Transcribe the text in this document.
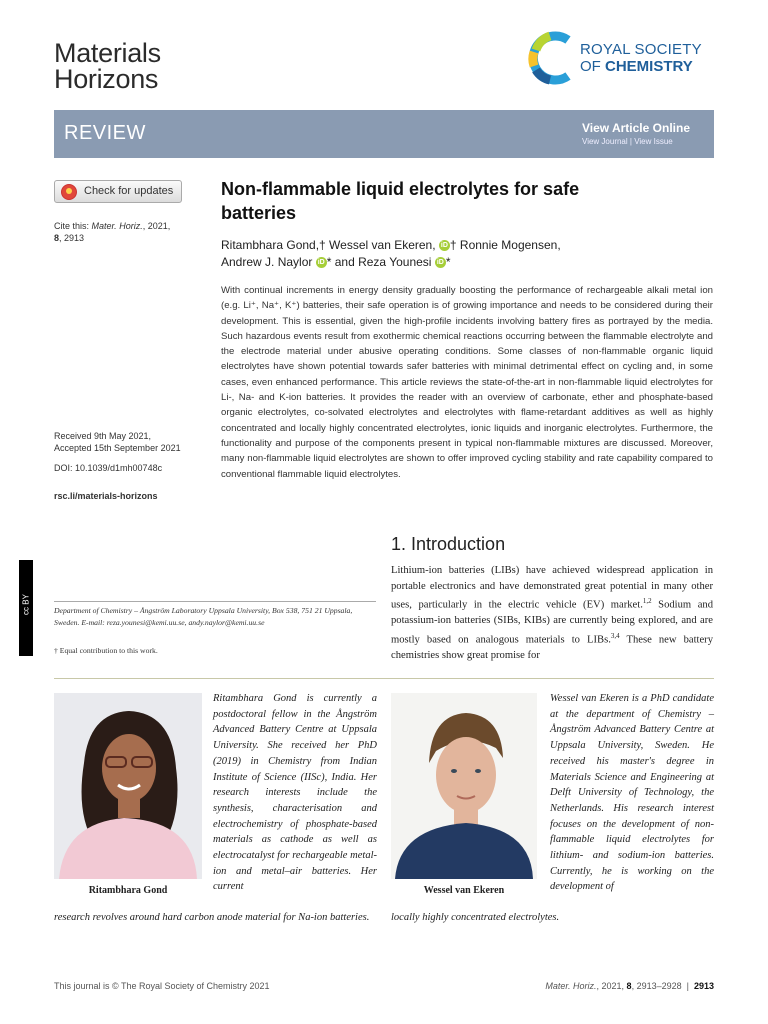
Materials
Horizons
ROYAL SOCIETY
OF CHEMISTRY
REVIEW	View Article Online
View Journal | View Issue
Check for updates
Cite this: Mater. Horiz., 2021,
8, 2913
Received 9th May 2021,
Accepted 15th September 2021
DOI: 10.1039/d1mh00748c
rsc.li/materials-horizons
Non-flammable liquid electrolytes for safe batteries
Ritambhara Gond,† Wessel van Ekeren, iD † Ronnie Mogensen,
Andrew J. Naylor iD * and Reza Younesi iD *
With continual increments in energy density gradually boosting the performance of rechargeable alkali metal ion (e.g. Li⁺, Na⁺, K⁺) batteries, their safe operation is of growing importance and needs to be considered during their development. This is essential, given the high-profile incidents involving battery fires as portrayed by the media. Such hazardous events result from exothermic chemical reactions occurring between the flammable electrolyte and the electrode material under abusive operating conditions. Some classes of non-flammable organic liquid electrolytes have shown potential towards safer batteries with minimal detrimental effect on cycling and, in some cases, even enhanced performance. This article reviews the state-of-the-art in non-flammable liquid electrolytes for Li-, Na- and K-ion batteries. It provides the reader with an overview of carbonate, ether and phosphate-based organic electrolytes, co-solvated electrolytes and electrolytes with flame-retardant additives as well as highly concentrated and locally highly concentrated electrolytes, ionic liquids and inorganic electrolytes. Furthermore, the functionality and purpose of the components present in typical non-flammable mixtures are discussed. Moreover, many non-flammable liquid electrolytes are shown to offer improved cycling stability and rate capability compared to conventional flammable liquid electrolytes.
1. Introduction
Lithium-ion batteries (LIBs) have achieved widespread application in portable electronics and have demonstrated great potential in many other uses, particularly in the electric vehicle (EV) market.$^{1,2}$ Sodium and potassium-ion batteries (SIBs, KIBs) are currently being explored, and are mostly based on analogous materials to LIBs.$^{3,4}$ These new battery chemistries show great promise for
cc BY	Department of Chemistry – Ångström Laboratory Uppsala University, Box 538, 751 21 Uppsala, Sweden. E-mail: reza.younesi@kemi.uu.se, andy.naylor@kemi.uu.se
† Equal contribution to this work.
Ritambhara Gond	Wessel van Ekeren
Ritambhara Gond is currently a postdoctoral fellow in the Ångström Advanced Battery Centre at Uppsala University. She received her PhD (2019) in Chemistry from Indian Institute of Science (IISc), India. Her research interests include the synthesis, characterisation and electrochemistry of phosphate-based materials as cathode as well as electrocatalyst for rechargeable metal-ion and metal–air batteries. Her current
research revolves around hard carbon anode material for Na-ion batteries.
Wessel van Ekeren is a PhD candidate at the department of Chemistry – Ångström Advanced Battery Centre at Uppsala University, Sweden. He received his master's degree in Materials Science and Engineering at Delft University of Technology, the Netherlands. His research interest focuses on the development of non-flammable liquid electrolytes for lithium- and sodium-ion batteries. Currently, he is working on the development of
locally highly concentrated electrolytes.
This journal is © The Royal Society of Chemistry 2021	Mater. Horiz., 2021, 8, 2913–2928  |  2913
